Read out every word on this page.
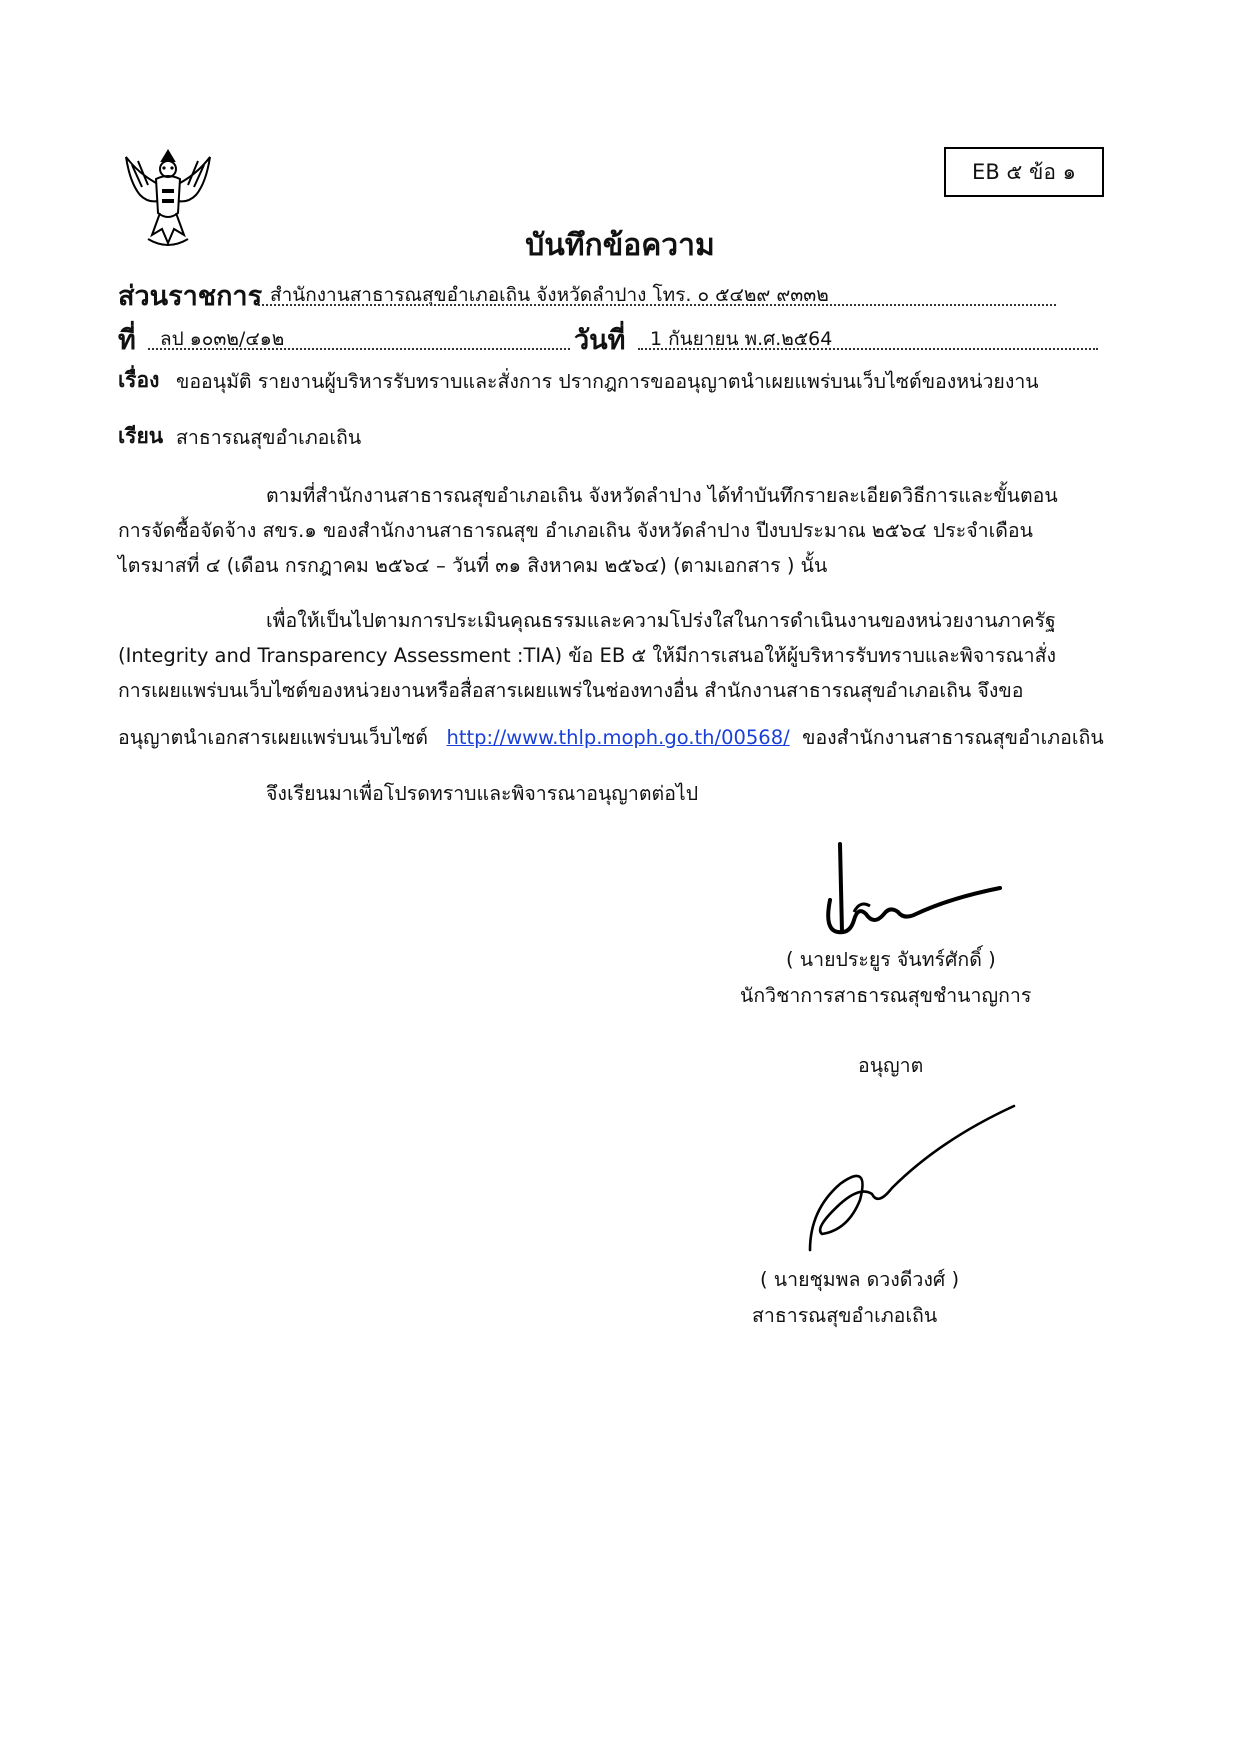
EB ๕ ข้อ ๑
บันทึกข้อความ
ส่วนราชการ สำนักงานสาธารณสุขอำเภอเถิน จังหวัดลำปาง โทร. ๐ ๕๔๒๙ ๙๓๓๒
ที่ ลป ๑๐๓๒/๔๑๒	วันที่ 1 กันยายน พ.ศ.๒๕64
เรื่อง ขออนุมัติ รายงานผู้บริหารรับทราบและสั่งการ ปรากฎการขออนุญาตนำเผยแพร่บนเว็บไซต์ของหน่วยงาน
เรียน สาธารณสุขอำเภอเถิน
ตามที่สำนักงานสาธารณสุขอำเภอเถิน จังหวัดลำปาง ได้ทำบันทึกรายละเอียดวิธีการและขั้นตอน
การจัดซื้อจัดจ้าง สขร.๑ ของสำนักงานสาธารณสุข อำเภอเถิน จังหวัดลำปาง ปีงบประมาณ ๒๕๖๔ ประจำเดือน
ไตรมาสที่ ๔ (เดือน กรกฎาคม ๒๕๖๔ – วันที่ ๓๑ สิงหาคม ๒๕๖๔) (ตามเอกสาร ) นั้น
เพื่อให้เป็นไปตามการประเมินคุณธรรมและความโปร่งใสในการดำเนินงานของหน่วยงานภาครัฐ
(Integrity and Transparency Assessment :TIA) ข้อ EB ๕ ให้มีการเสนอให้ผู้บริหารรับทราบและพิจารณาสั่ง
การเผยแพร่บนเว็บไซต์ของหน่วยงานหรือสื่อสารเผยแพร่ในช่องทางอื่น สำนักงานสาธารณสุขอำเภอเถิน จึงขอ
อนุญาตนำเอกสารเผยแพร่บนเว็บไซต์ http://www.thlp.moph.go.th/00568/ ของสำนักงานสาธารณสุขอำเภอเถิน
จึงเรียนมาเพื่อโปรดทราบและพิจารณาอนุญาตต่อไป
( นายประยูร จันทร์ศักดิ์ )
นักวิชาการสาธารณสุขชำนาญการ
อนุญาต
( นายชุมพล ดวงดีวงศ์ )
สาธารณสุขอำเภอเถิน
